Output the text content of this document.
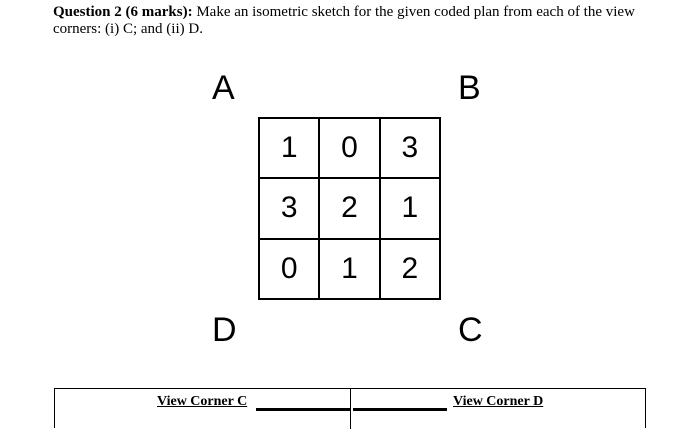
Question 2 (6 marks): Make an isometric sketch for the given coded plan from each of the view corners: (i) C; and (ii) D.
A	B
D	C
1	0	3
3	2	1
0	1	2
View Corner C	View Corner D
